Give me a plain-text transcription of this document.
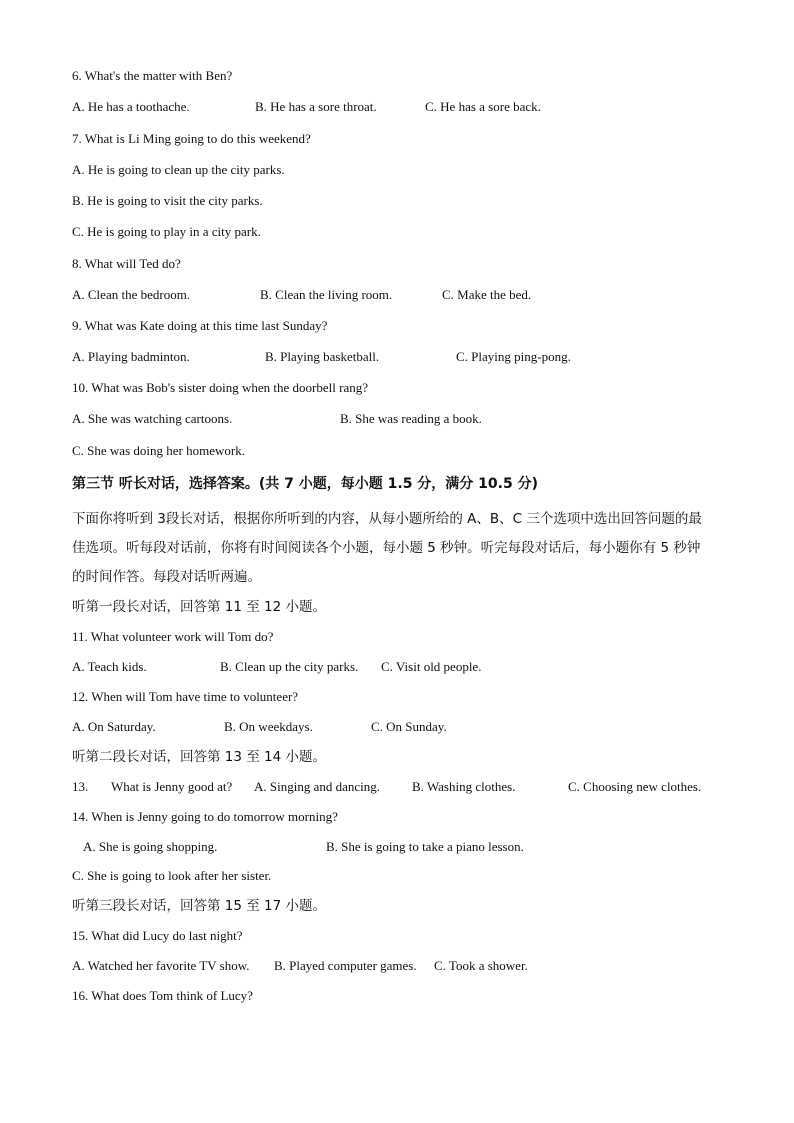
6. What's the matter with Ben?

A. He has a toothache.	B. He has a sore throat.	C. He has a sore back.

7. What is Li Ming going to do this weekend?

A. He is going to clean up the city parks.

B. He is going to visit the city parks.

C. He is going to play in a city park.

8. What will Ted do?

A. Clean the bedroom.	B. Clean the living room.	C. Make the bed.

9. What was Kate doing at this time last Sunday?

A. Playing badminton.	B. Playing basketball.	C. Playing ping-pong.

10. What was Bob's sister doing when the doorbell rang?

A. She was watching cartoons.	B. She was reading a book.

C. She was doing her homework.

第三节 听长对话，选择答案。(共 7 小题，每小题 1.5 分，满分 10.5 分)

下面你将听到 3段长对话，根据你所听到的内容，从每小题所给的 A、B、C 三个选项中选出回答问题的最

佳选项。听每段对话前，你将有时间阅读各个小题，每小题 5 秒钟。听完每段对话后，每小题你有 5 秒钟

的时间作答。每段对话听两遍。

听第一段长对话，回答第 11 至 12 小题。

11. What volunteer work will Tom do?

A. Teach kids.	B. Clean up the city parks. C. Visit old people.

12. When will Tom have time to volunteer?

A. On Saturday.	B. On weekdays.	C. On Sunday.

听第二段长对话，回答第 13 至 14 小题。

13. What is Jenny good at? A. Singing and dancing. B. Washing clothes.	C. Choosing new clothes.

14. When is Jenny going to do tomorrow morning?

A. She is going shopping.	B. She is going to take a piano lesson.

C. She is going to look after her sister.

听第三段长对话，回答第 15 至 17 小题。

15. What did Lucy do last night?

A. Watched her favorite TV show. B. Played computer games. C. Took a shower.

16. What does Tom think of Lucy?
